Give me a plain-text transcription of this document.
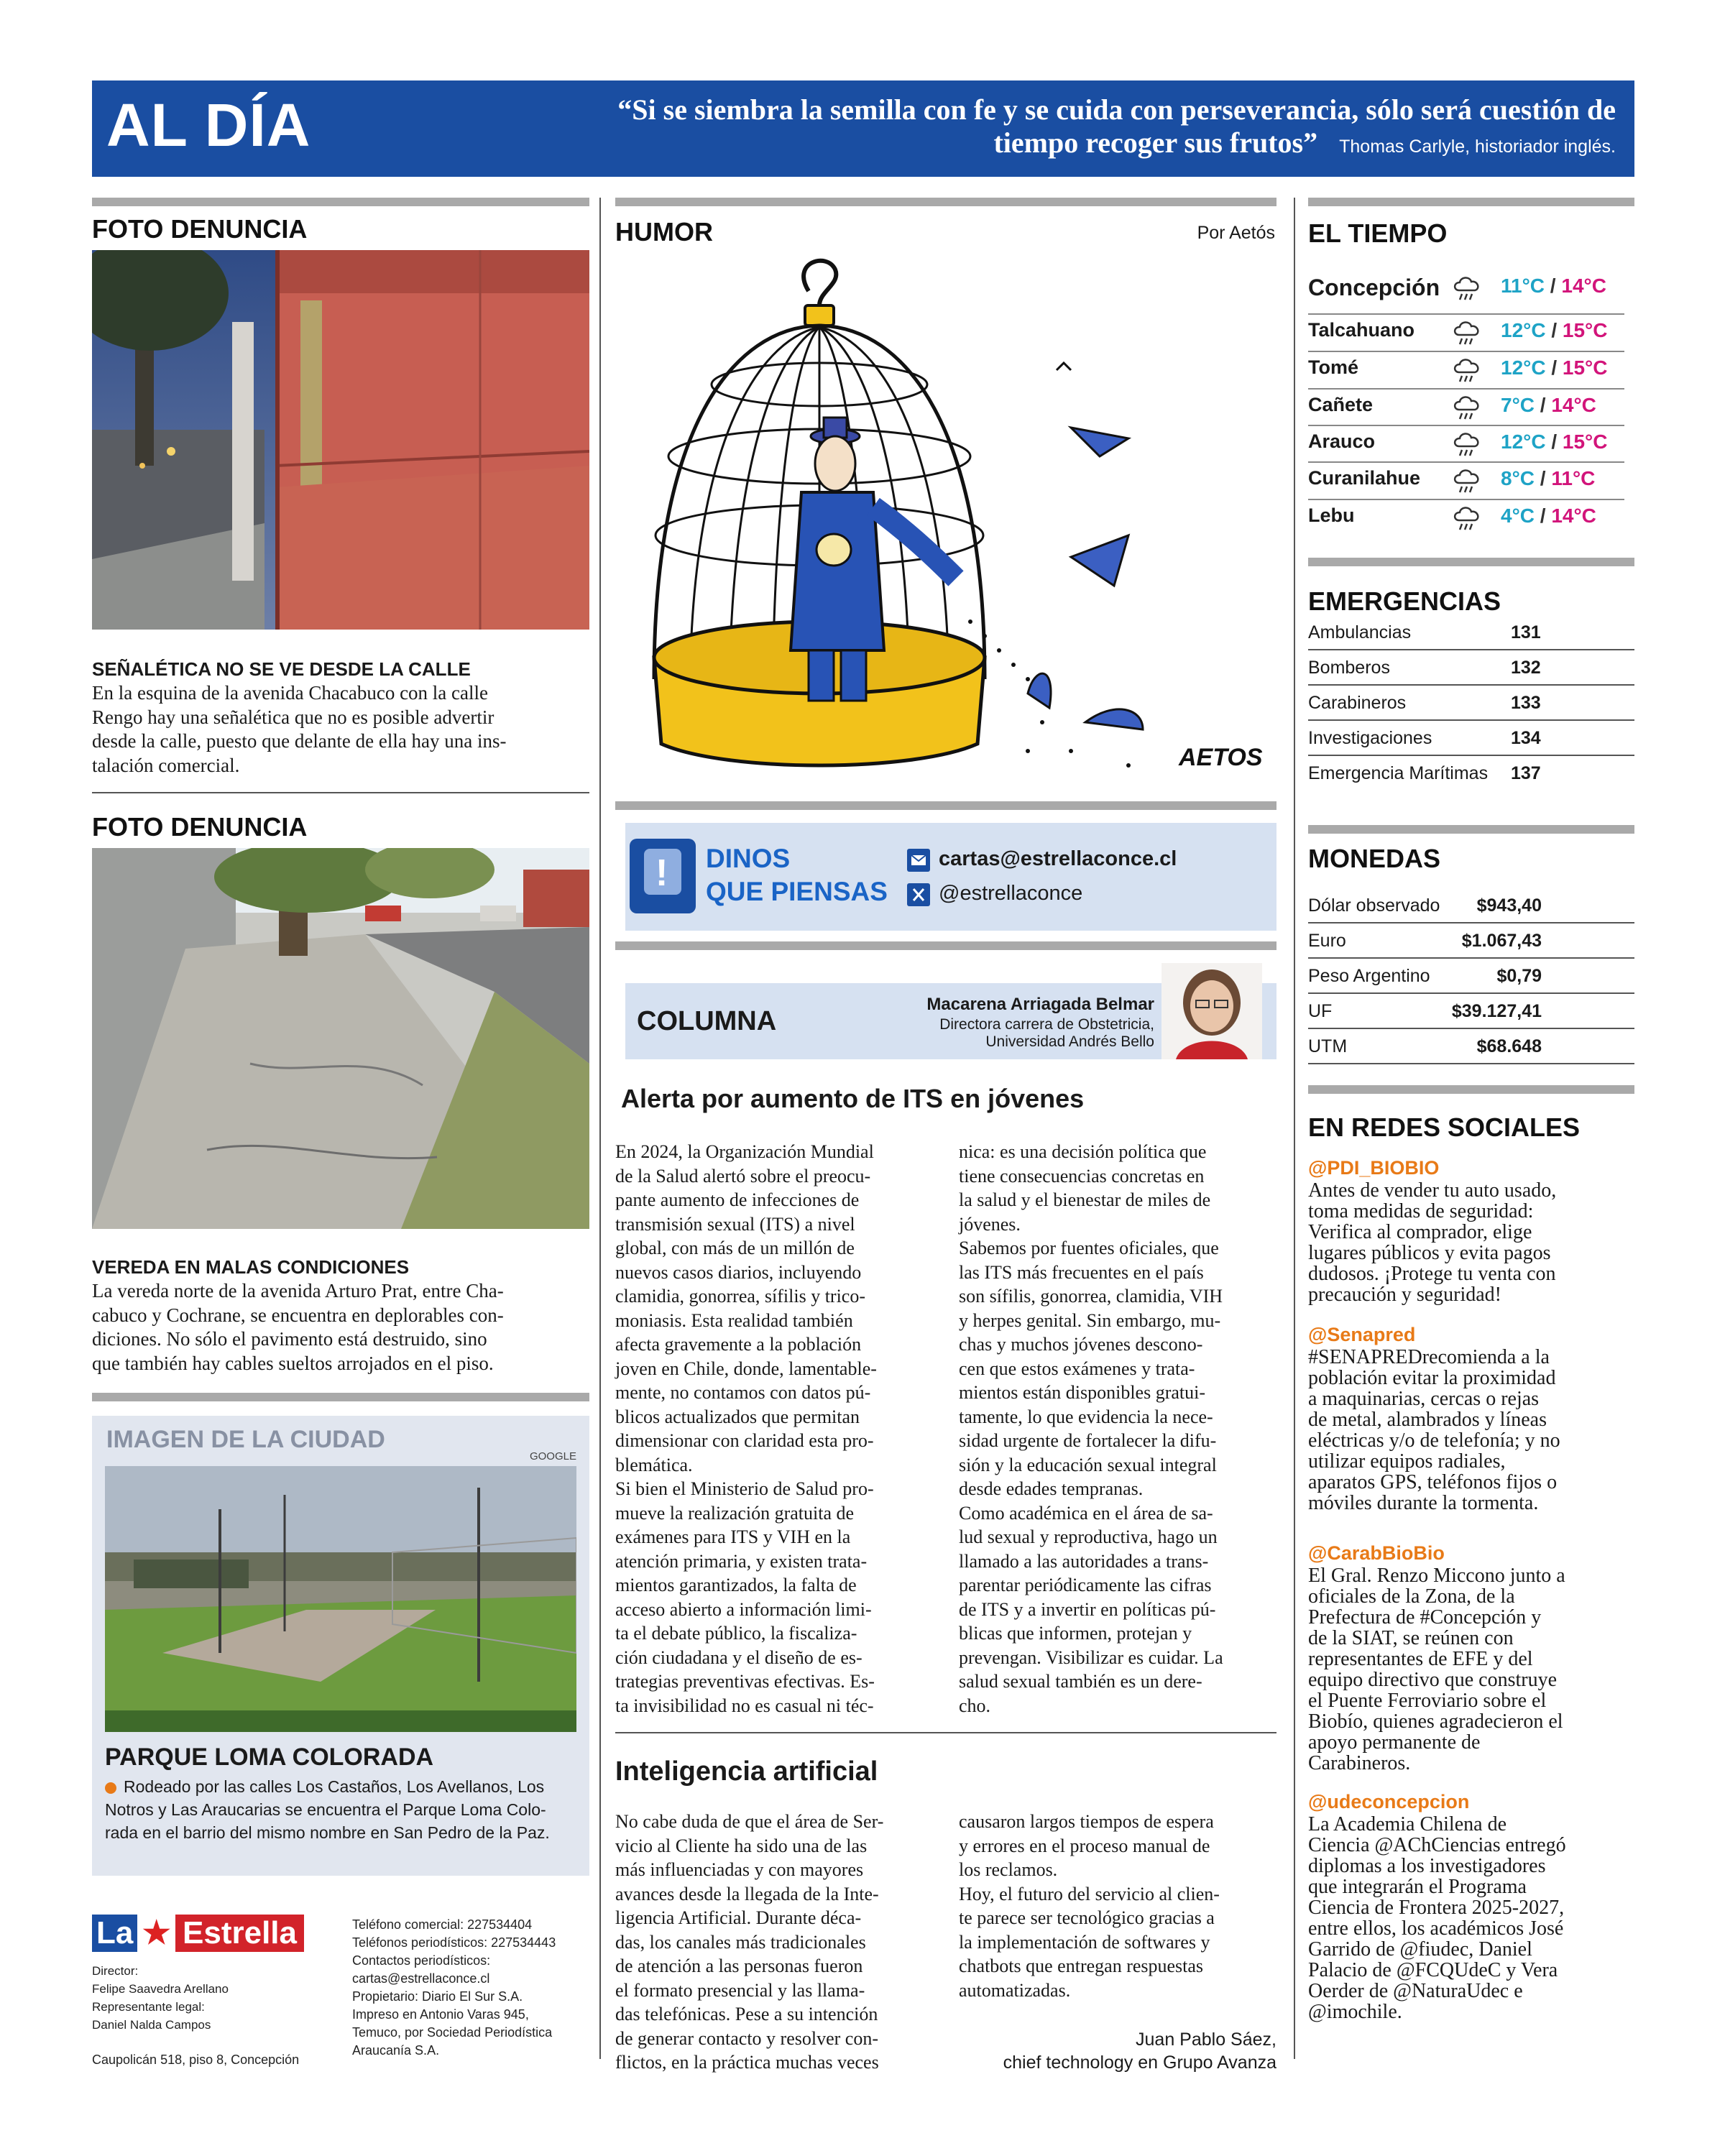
AL DÍA	“Si se siembra la semilla con fe y se cuida con perseverancia, sólo será cuestión de tiempo recoger sus frutos” Thomas Carlyle, historiador inglés.
FOTO DENUNCIA
SEÑALÉTICA NO SE VE DESDE LA CALLE
En la esquina de la avenida Chacabuco con la calle
Rengo hay una señalética que no es posible advertir
desde la calle, puesto que delante de ella hay una ins-
talación comercial.
FOTO DENUNCIA
VEREDA EN MALAS CONDICIONES
La vereda norte de la avenida Arturo Prat, entre Cha-
cabuco y Cochrane, se encuentra en deplorables con-
diciones. No sólo el pavimento está destruido, sino
que también hay cables sueltos arrojados en el piso.
IMAGEN DE LA CIUDAD
GOOGLE
PARQUE LOMA COLORADA
Rodeado por las calles Los Castaños, Los Avellanos, Los
Notros y Las Araucarias se encuentra el Parque Loma Colo-
rada en el barrio del mismo nombre en San Pedro de la Paz.
La ★ Estrella
Director:
Felipe Saavedra Arellano
Representante legal:
Daniel Nalda Campos
Caupolicán 518, piso 8, Concepción
Teléfono comercial: 227534404
Teléfonos periodísticos: 227534443
Contactos periodísticos:
cartas@estrellaconce.cl
Propietario: Diario El Sur S.A.
Impreso en Antonio Varas 945,
Temuco, por Sociedad Periodística
Araucanía S.A.
HUMOR	Por Aetós
AETOS
! DINOS
QUE PIENSAS
cartas@estrellaconce.cl
@estrellaconce
COLUMNA
Macarena Arriagada Belmar
Directora carrera de Obstetricia,
Universidad Andrés Bello
Alerta por aumento de ITS en jóvenes
En 2024, la Organización Mundial
de la Salud alertó sobre el preocu-
pante aumento de infecciones de
transmisión sexual (ITS) a nivel
global, con más de un millón de
nuevos casos diarios, incluyendo
clamidia, gonorrea, sífilis y trico-
moniasis. Esta realidad también
afecta gravemente a la población
joven en Chile, donde, lamentable-
mente, no contamos con datos pú-
blicos actualizados que permitan
dimensionar con claridad esta pro-
blemática.
Si bien el Ministerio de Salud pro-
mueve la realización gratuita de
exámenes para ITS y VIH en la
atención primaria, y existen trata-
mientos garantizados, la falta de
acceso abierto a información limi-
ta el debate público, la fiscaliza-
ción ciudadana y el diseño de es-
trategias preventivas efectivas. Es-
ta invisibilidad no es casual ni téc-
nica: es una decisión política que
tiene consecuencias concretas en
la salud y el bienestar de miles de
jóvenes.
Sabemos por fuentes oficiales, que
las ITS más frecuentes en el país
son sífilis, gonorrea, clamidia, VIH
y herpes genital. Sin embargo, mu-
chas y muchos jóvenes descono-
cen que estos exámenes y trata-
mientos están disponibles gratui-
tamente, lo que evidencia la nece-
sidad urgente de fortalecer la difu-
sión y la educación sexual integral
desde edades tempranas.
Como académica en el área de sa-
lud sexual y reproductiva, hago un
llamado a las autoridades a trans-
parentar periódicamente las cifras
de ITS y a invertir en políticas pú-
blicas que informen, protejan y
prevengan. Visibilizar es cuidar. La
salud sexual también es un dere-
cho.
Inteligencia artificial
No cabe duda de que el área de Ser-
vicio al Cliente ha sido una de las
más influenciadas y con mayores
avances desde la llegada de la Inte-
ligencia Artificial. Durante déca-
das, los canales más tradicionales
de atención a las personas fueron
el formato presencial y las llama-
das telefónicas. Pese a su intención
de generar contacto y resolver con-
flictos, en la práctica muchas veces
causaron largos tiempos de espera
y errores en el proceso manual de
los reclamos.
Hoy, el futuro del servicio al clien-
te parece ser tecnológico gracias a
la implementación de softwares y
chatbots que entregan respuestas
automatizadas.
Juan Pablo Sáez,
chief technology en Grupo Avanza
EL TIEMPO
Concepción	11°C / 14°C
Talcahuano	12°C / 15°C
Tomé	12°C / 15°C
Cañete	7°C / 14°C
Arauco	12°C / 15°C
Curanilahue	8°C / 11°C
Lebu	4°C / 14°C
EMERGENCIAS
Ambulancias	131
Bomberos	132
Carabineros	133
Investigaciones	134
Emergencia Marítimas 137
MONEDAS
Dólar observado $943,40
Euro	$1.067,43
Peso Argentino	$0,79
UF	$39.127,41
UTM	$68.648
EN REDES SOCIALES
@PDI_BIOBIO
Antes de vender tu auto usado,
toma medidas de seguridad:
Verifica al comprador, elige
lugares públicos y evita pagos
dudosos. ¡Protege tu venta con
precaución y seguridad!
@Senapred
#SENAPREDrecomienda a la
población evitar la proximidad
a maquinarias, cercas o rejas
de metal, alambrados y líneas
eléctricas y/o de telefonía; y no
utilizar equipos radiales,
aparatos GPS, teléfonos fijos o
móviles durante la tormenta.
@CarabBioBio
El Gral. Renzo Miccono junto a
oficiales de la Zona, de la
Prefectura de #Concepción y
de la SIAT, se reúnen con
representantes de EFE y del
equipo directivo que construye
el Puente Ferroviario sobre el
Biobío, quienes agradecieron el
apoyo permanente de
Carabineros.
@udeconcepcion
La Academia Chilena de
Ciencia @AChCiencias entregó
diplomas a los investigadores
que integrarán el Programa
Ciencia de Frontera 2025-2027,
entre ellos, los académicos José
Garrido de @fiudec, Daniel
Palacio de @FCQUdeC y Vera
Oerder de @NaturaUdec e
@imochile.
